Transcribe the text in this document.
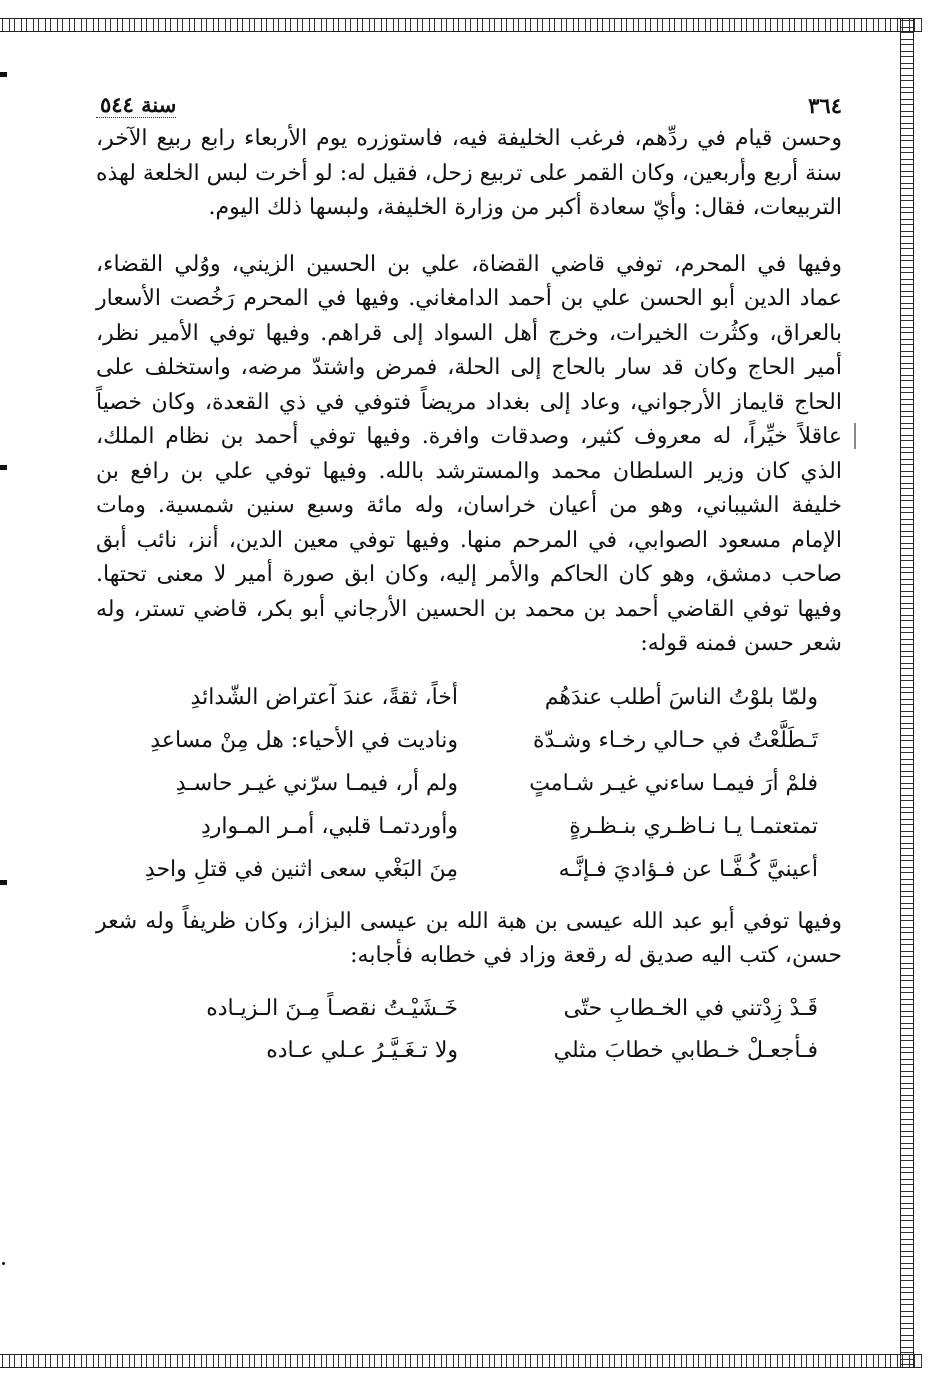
٣٦٤
سنة ٥٤٤

وحسن قيام في ردِّهم، فرغب الخليفة فيه، فاستوزره يوم الأربعاء رابع ربيع الآخر، سنة أربع وأربعين، وكان القمر على تربيع زحل، فقيل له: لو أخرت لبس الخلعة لهذه التربيعات، فقال: وأيّ سعادة أكبر من وزارة الخليفة، ولبسها ذلك اليوم.

وفيها في المحرم، توفي قاضي القضاة، علي بن الحسين الزيني، ووُلي القضاء، عماد الدين أبو الحسن علي بن أحمد الدامغاني. وفيها في المحرم رَخُصت الأسعار بالعراق، وكثُرت الخيرات، وخرج أهل السواد إلى قراهم. وفيها توفي الأمير نظر، أمير الحاج وكان قد سار بالحاج إلى الحلة، فمرض واشتدّ مرضه، واستخلف على الحاج قايماز الأرجواني، وعاد إلى بغداد مريضاً فتوفي في ذي القعدة، وكان خصياً عاقلاً خيِّراً، له معروف كثير، وصدقات وافرة. وفيها توفي أحمد بن نظام الملك، الذي كان وزير السلطان محمد والمسترشد بالله. وفيها توفي علي بن رافع بن خليفة الشيباني، وهو من أعيان خراسان، وله مائة وسبع سنين شمسية. ومات الإمام مسعود الصوابي، في المرحم منها. وفيها توفي معين الدين، أنز، نائب أبق صاحب دمشق، وهو كان الحاكم والأمر إليه، وكان ابق صورة أمير لا معنى تحتها. وفيها توفي القاضي أحمد بن محمد بن الحسين الأرجاني أبو بكر، قاضي تستر، وله شعر حسن فمنه قوله:

ولمّا بلوْتُ الناسَ أطلب عندَهُم
أخاً، ثقةً، عندَ آعتراض الشّدائدِ
تَـطَلَّعْتُ في حـالي رخـاء وشـدّة
وناديت في الأحياء: هل مِنْ مساعدِ
فلمْ أرَ فيمـا ساءني غيـر شـامتٍ
ولم أر، فيمـا سرّني غيـر حاسـدِ
تمتعتمـا يـا نـاظـري بنـظـرةٍ
وأوردتمـا قلبي، أمـر المـواردِ
أعينيَّ كُـفَّـا عن فـؤاديَ فـإنَّـه
مِنَ البَغْي سعى اثنين في قتلِ واحدِ

وفيها توفي أبو عبد الله عيسى بن هبة الله بن عيسى البزاز، وكان ظريفاً وله شعر حسن، كتب اليه صديق له رقعة وزاد في خطابه فأجابه:

قَـدْ زِدْتني في الخـطابِ حتّى
خَـشَيْـتُ نقصـاً مِـنَ الـزيـاده
فـأجعـلْ خـطابي خطابَ مثلي
ولا تـغَـيَّـرُ عـلي عـاده
